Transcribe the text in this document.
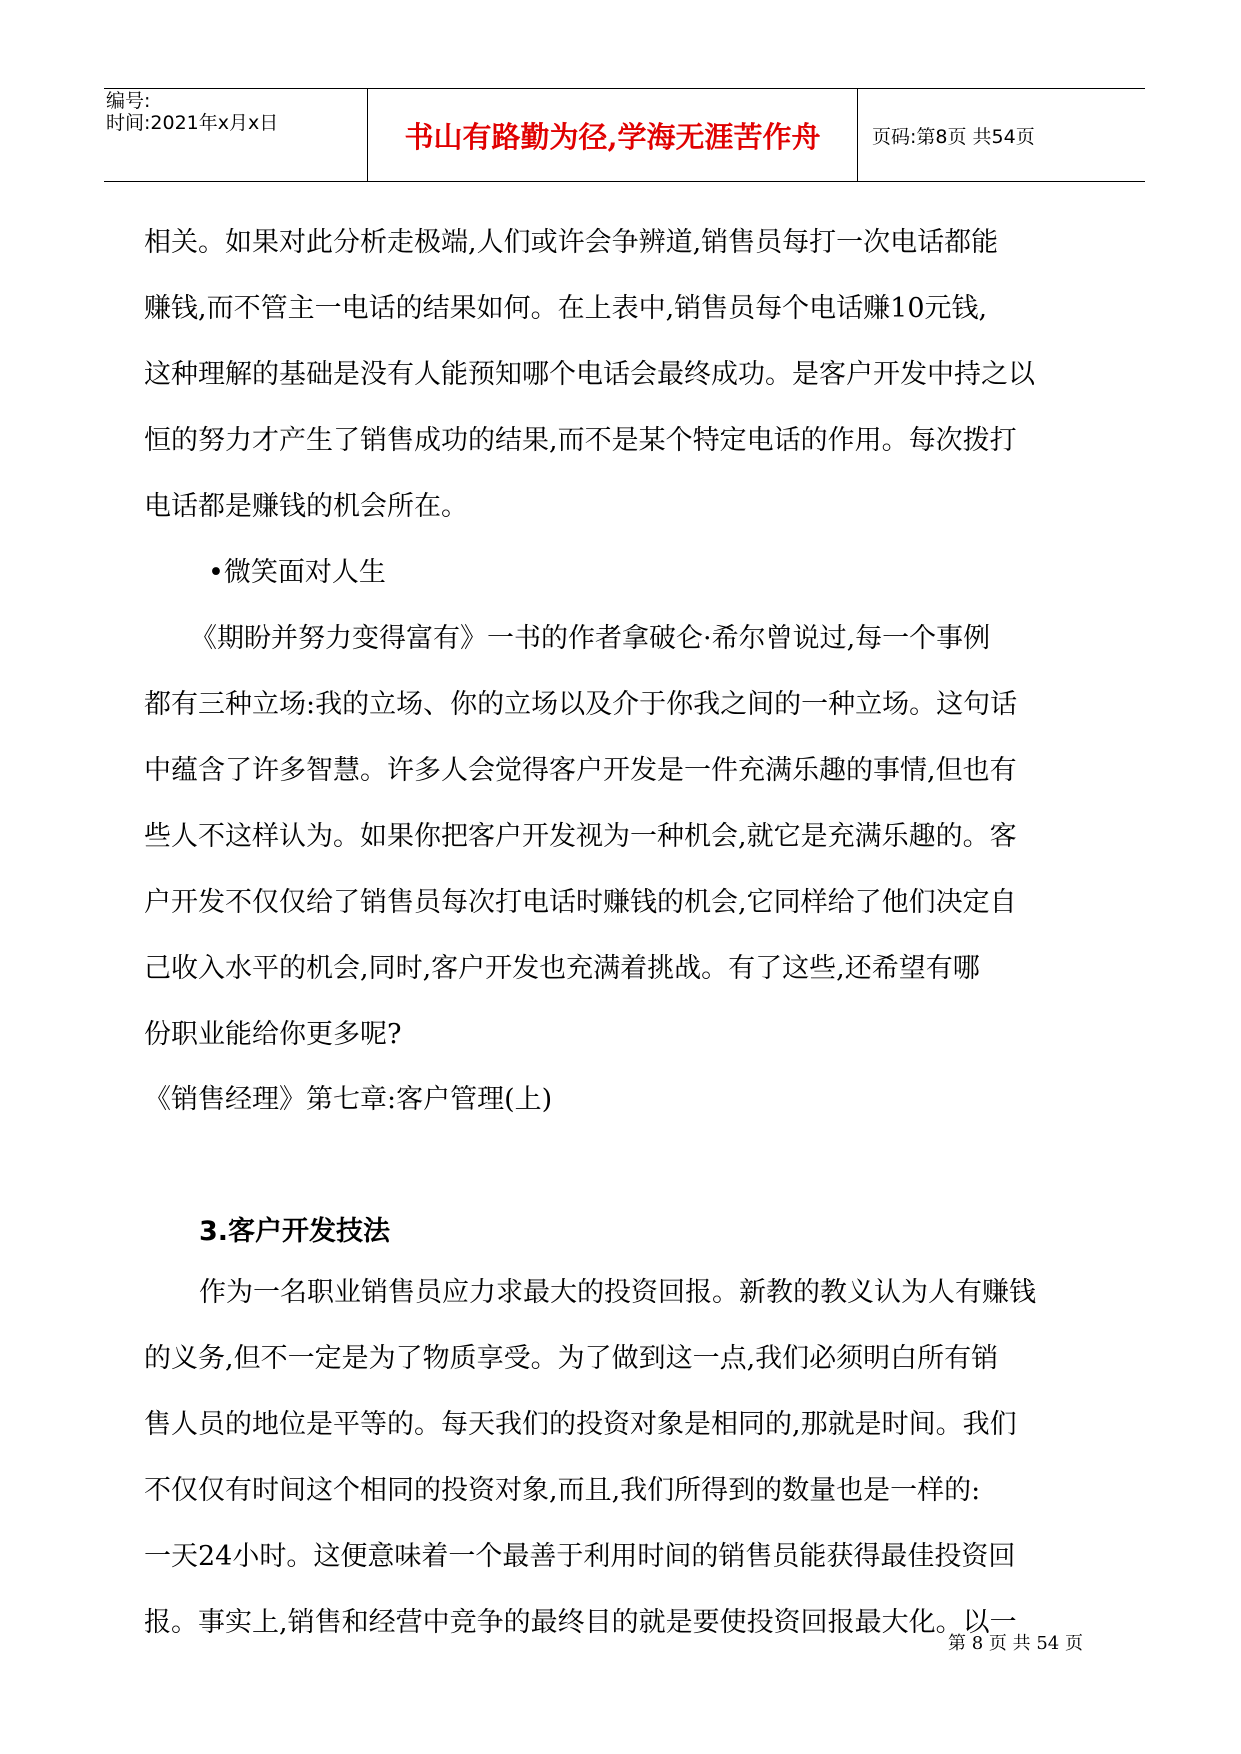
编号:
时间:2021年x月x日	书山有路勤为径,学海无涯苦作舟	页码:第8页 共54页
相关。如果对此分析走极端,人们或许会争辨道,销售员每打一次电话都能
赚钱,而不管主一电话的结果如何。在上表中,销售员每个电话赚10元钱,
这种理解的基础是没有人能预知哪个电话会最终成功。是客户开发中持之以
恒的努力才产生了销售成功的结果,而不是某个特定电话的作用。每次拨打
电话都是赚钱的机会所在。
•微笑面对人生
《期盼并努力变得富有》一书的作者拿破仑·希尔曾说过,每一个事例
都有三种立场:我的立场、你的立场以及介于你我之间的一种立场。这句话
中蕴含了许多智慧。许多人会觉得客户开发是一件充满乐趣的事情,但也有
些人不这样认为。如果你把客户开发视为一种机会,就它是充满乐趣的。客
户开发不仅仅给了销售员每次打电话时赚钱的机会,它同样给了他们决定自
己收入水平的机会,同时,客户开发也充满着挑战。有了这些,还希望有哪
份职业能给你更多呢?
《销售经理》第七章:客户管理(上)
3.客户开发技法
作为一名职业销售员应力求最大的投资回报。新教的教义认为人有赚钱
的义务,但不一定是为了物质享受。为了做到这一点,我们必须明白所有销
售人员的地位是平等的。每天我们的投资对象是相同的,那就是时间。我们
不仅仅有时间这个相同的投资对象,而且,我们所得到的数量也是一样的:
一天24小时。这便意味着一个最善于利用时间的销售员能获得最佳投资回
报。事实上,销售和经营中竞争的最终目的就是要使投资回报最大化。以一
第 8 页 共 54 页
